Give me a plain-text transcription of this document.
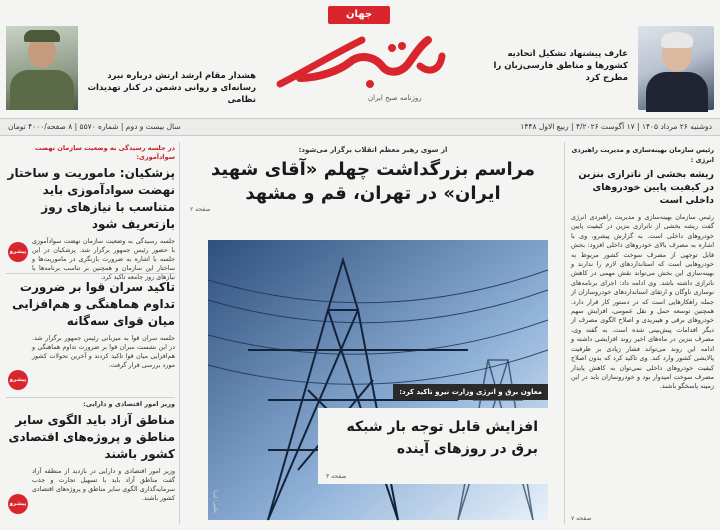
عارف پیشنهاد تشکیل اتحادیه کشورها و مناطق فارسی‌زبان را مطرح کرد
جهان
روزنامه صبح ایران
هشدار مقام ارشد ارتش درباره نبرد رسانه‌ای و روانی دشمن در کنار تهدیدات نظامی
دوشنبه ۲۶ مرداد ۱۴۰۵ | ۱۷ آگوست ۴/۲۰۲۶ | ربیع الاول ۱۴۴۸
سال بیست و دوم | شماره ۵۵۷۰ | ۸ صفحه/۴۰۰۰ تومان
رئیس سازمان بهینه‌سازی و مدیریت راهبردی انرژی :
ریشه بخشی از ناترازی بنزین در کیفیت پایین خودروهای داخلی است
رئیس سازمان بهینه‌سازی و مدیریت راهبردی انرژی گفت ریشه بخشی از ناترازی بنزین در کیفیت پایین خودروهای داخلی است. به گزارش پیشرو، وی با اشاره به مصرف بالای خودروهای داخلی افزود: بخش قابل توجهی از مصرف سوخت کشور مربوط به خودروهایی است که استانداردهای لازم را ندارند و بهینه‌سازی این بخش می‌تواند نقش مهمی در کاهش ناترازی داشته باشد. وی ادامه داد: اجرای برنامه‌های نوسازی ناوگان و ارتقای استانداردهای خودروسازان از جمله راهکارهایی است که در دستور کار قرار دارد. همچنین توسعه حمل و نقل عمومی، افزایش سهم خودروهای برقی و هیبریدی و اصلاح الگوی مصرف از دیگر اقدامات پیش‌بینی شده است. به گفته وی، مصرف بنزین در ماه‌های اخیر روند افزایشی داشته و ادامه این روند می‌تواند فشار زیادی بر ظرفیت پالایشی کشور وارد کند. وی تاکید کرد که بدون اصلاح کیفیت خودروهای داخلی نمی‌توان به کاهش پایدار مصرف سوخت امیدوار بود و خودروسازان باید در این زمینه پاسخگو باشند.
صفحه ۷
از سوی رهبر معظم انقلاب برگزار می‌شود:
مراسم بزرگداشت چهلم «آقای شهید ایران» در تهران، قم و مشهد
صفحه ۲
معاون برق و انرژی وزارت نیرو تاکید کرد:
افزایش قابل توجه بار شبکه برق در روزهای آینده
صفحه ۳
عکس: ایرنا
در جلسه رسیدگی به وضعیت سازمان نهضت سوادآموزی:
پزشکیان: ماموریت و ساختار نهضت سوادآموزی باید متناسب با نیازهای روز بازتعریف شود
جلسه رسیدگی به وضعیت سازمان نهضت سوادآموزی با حضور رئیس جمهور برگزار شد. پزشکیان در این جلسه با اشاره به ضرورت بازنگری در ماموریت‌ها و ساختار این سازمان و همچنین بر تناسب برنامه‌ها با نیازهای روز جامعه تاکید کرد.
پیشرو
تاکید سران قوا بر ضرورت تداوم هماهنگی و هم‌افزایی میان قوای سه‌گانه
جلسه سران قوا به میزبانی رئیس جمهور برگزار شد. در این نشست سران قوا بر ضرورت تداوم هماهنگی و هم‌افزایی میان قوا تاکید کردند و آخرین تحولات کشور مورد بررسی قرار گرفت.
پیشرو
وزیر امور اقتصادی و دارایی:
مناطق آزاد باید الگوی سایر مناطق و پروژه‌های اقتصادی کشور باشند
وزیر امور اقتصادی و دارایی در بازدید از منطقه آزاد گفت مناطق آزاد باید با تسهیل تجارت و جذب سرمایه‌گذاری الگوی سایر مناطق و پروژه‌های اقتصادی کشور باشند.
پیشرو
